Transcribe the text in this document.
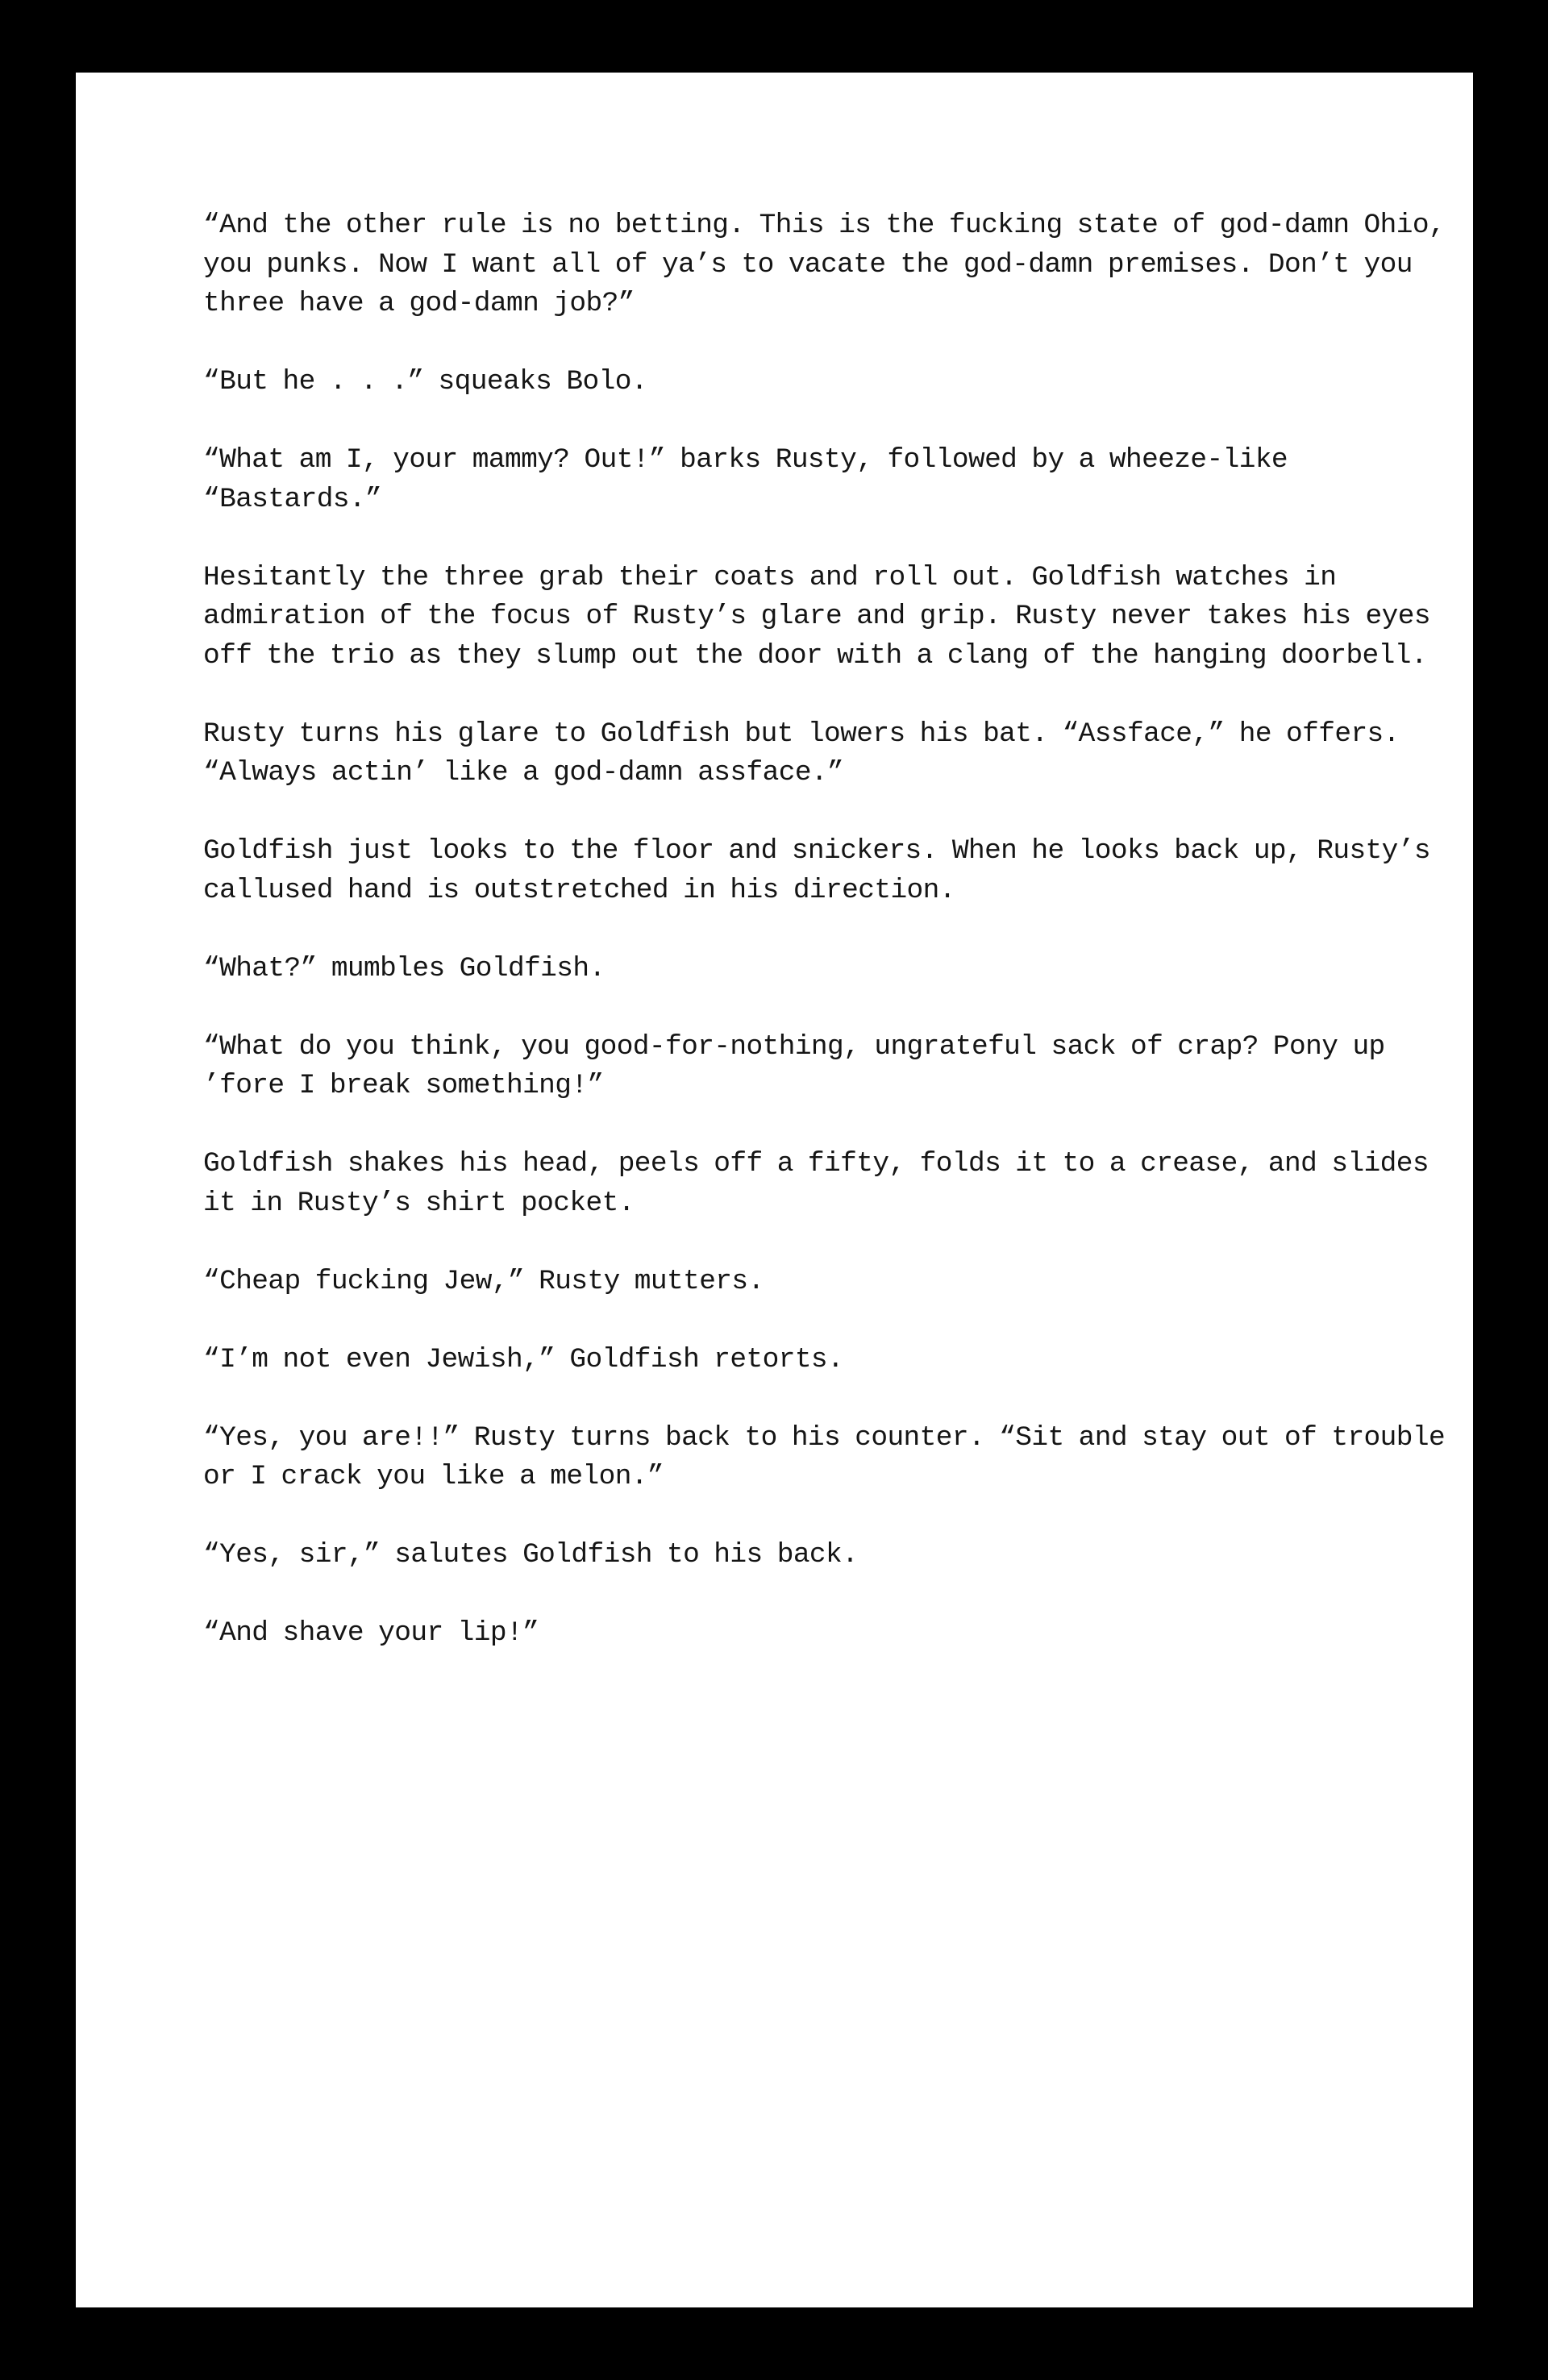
“And the other rule is no betting. This is the fucking state of god-damn Ohio, you punks. Now I want all of ya’s to vacate the god-damn premises. Don’t you three have a god-damn job?”

“But he . . .” squeaks Bolo.

“What am I, your mammy? Out!” barks Rusty, followed by a wheeze-like “Bastards.”

Hesitantly the three grab their coats and roll out. Goldfish watches in admiration of the focus of Rusty’s glare and grip. Rusty never takes his eyes off the trio as they slump out the door with a clang of the hanging doorbell.

Rusty turns his glare to Goldfish but lowers his bat. “Assface,” he offers. “Always actin’ like a god-damn assface.”

Goldfish just looks to the floor and snickers. When he looks back up, Rusty’s callused hand is outstretched in his direction.

“What?” mumbles Goldfish.

“What do you think, you good-for-nothing, ungrateful sack of crap? Pony up ’fore I break something!”

Goldfish shakes his head, peels off a fifty, folds it to a crease, and slides it in Rusty’s shirt pocket.

“Cheap fucking Jew,” Rusty mutters.

“I’m not even Jewish,” Goldfish retorts.

“Yes, you are!!” Rusty turns back to his counter. “Sit and stay out of trouble or I crack you like a melon.”

“Yes, sir,” salutes Goldfish to his back.

“And shave your lip!”
